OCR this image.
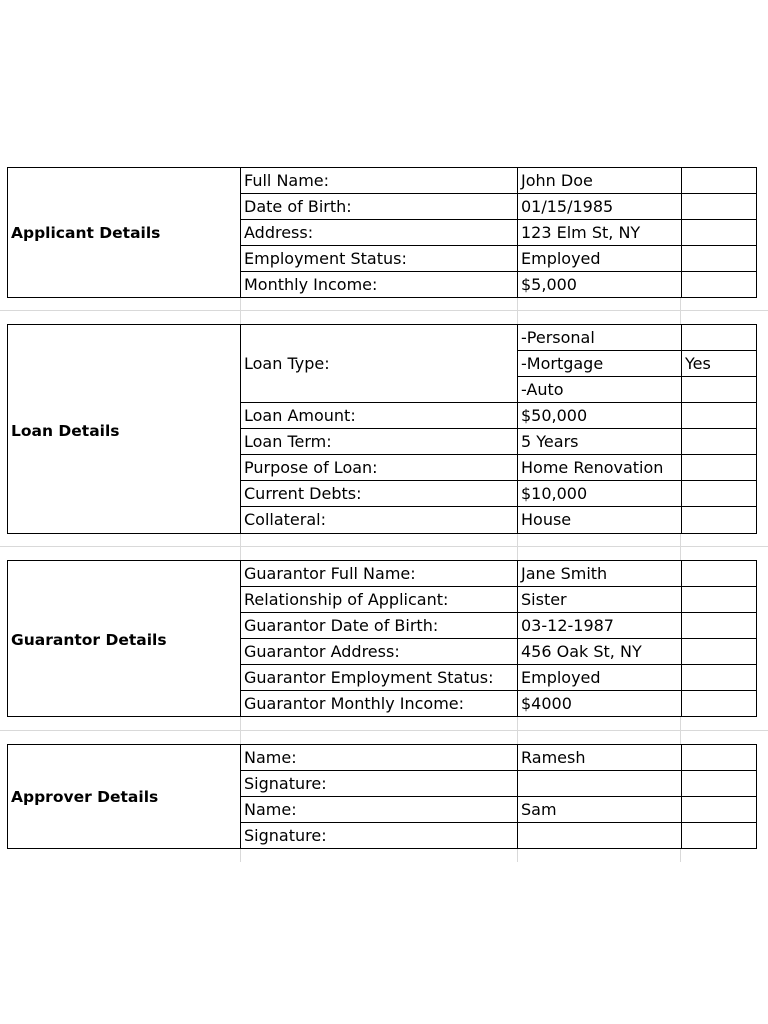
Applicant Details
Full Name:	John Doe
Date of Birth:	01/15/1985
Address:	123 Elm St, NY
Employment Status:	Employed
Monthly Income:	$5,000
Loan Details
Loan Type:
-Personal
-Mortgage	Yes
-Auto
Loan Amount:	$50,000
Loan Term:	5 Years
Purpose of Loan:	Home Renovation
Current Debts:	$10,000
Collateral:	House
Guarantor Details
Guarantor Full Name:	Jane Smith
Relationship of Applicant:	Sister
Guarantor Date of Birth:	03-12-1987
Guarantor Address:	456 Oak St, NY
Guarantor Employment Status:	Employed
Guarantor Monthly Income:	$4000
Approver Details
Name:	Ramesh
Signature:
Name:	Sam
Signature:
